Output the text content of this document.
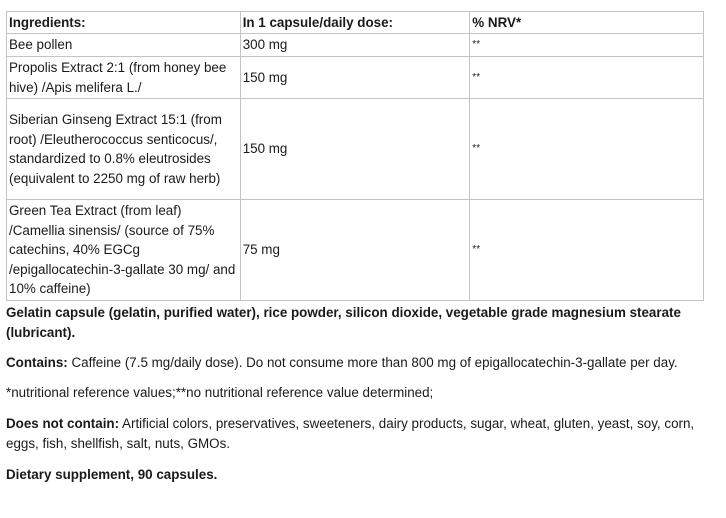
Ingredients:	In 1 capsule/daily dose:	% NRV*
Bee pollen	300 mg	**
Propolis Extract 2:1 (from honey bee hive) /Apis melifera L./	150 mg	**
Siberian Ginseng Extract 15:1 (from root) /Eleutherococcus senticocus/, standardized to 0.8% eleutrosides (equivalent to 2250 mg of raw herb)	150 mg	**
Green Tea Extract (from leaf) /Camellia sinensis/ (source of 75% catechins, 40% EGCg /epigallocatechin-3-gallate 30 mg/ and 10% caffeine)	75 mg	**

Gelatin capsule (gelatin, purified water), rice powder, silicon dioxide, vegetable grade magnesium stearate (lubricant).

Contains: Caffeine (7.5 mg/daily dose). Do not consume more than 800 mg of epigallocatechin-3-gallate per day.

*nutritional reference values;**no nutritional reference value determined;

Does not contain: Artificial colors, preservatives, sweeteners, dairy products, sugar, wheat, gluten, yeast, soy, corn, eggs, fish, shellfish, salt, nuts, GMOs.

Dietary supplement, 90 capsules.
